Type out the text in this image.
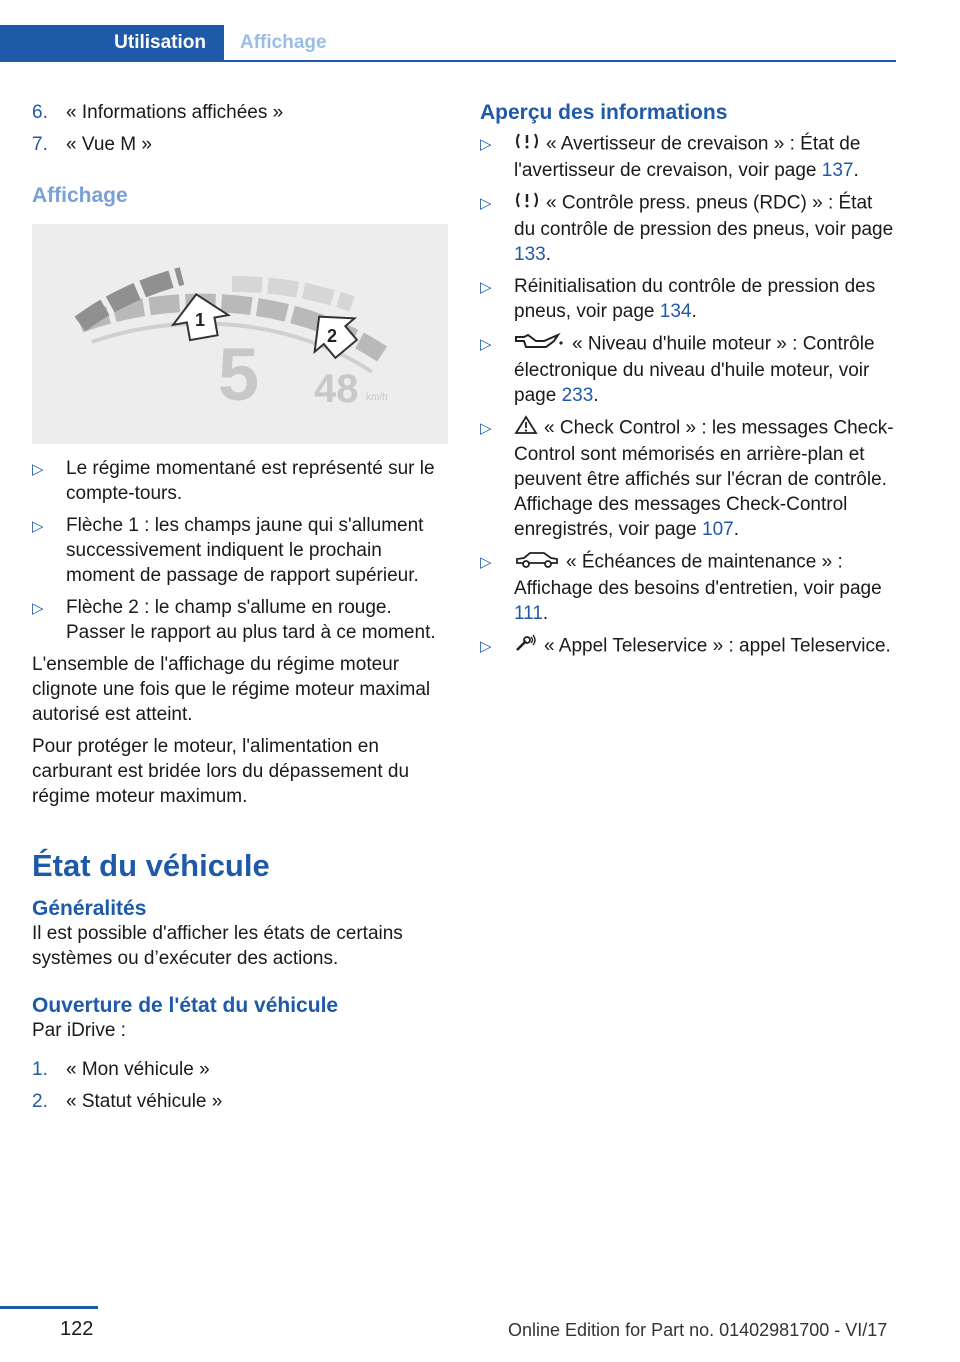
Utilisation	Affichage
6. « Informations affichées »
7. « Vue M »
Affichage
1
2
5 48 km/h
▷	Le régime momentané est représenté sur le compte-tours.
▷	Flèche 1 : les champs jaune qui s'allument successivement indiquent le prochain moment de passage de rapport supérieur.
▷	Flèche 2 : le champ s'allume en rouge. Passer le rapport au plus tard à ce moment.

L'ensemble de l'affichage du régime moteur clignote une fois que le régime moteur maximal autorisé est atteint.

Pour protéger le moteur, l'alimentation en carburant est bridée lors du dépassement du régime moteur maximum.

État du véhicule
Généralités

Il est possible d'afficher les états de certains systèmes ou d’exécuter des actions.

Ouverture de l'état du véhicule

Par iDrive :

1. « Mon véhicule »
2. « Statut véhicule »
Aperçu des informations
▷	« Avertisseur de crevaison » : État de l'avertisseur de crevaison, voir page 137.
▷	« Contrôle press. pneus (RDC) » : État du contrôle de pression des pneus, voir page 133.
▷	Réinitialisation du contrôle de pression des pneus, voir page 134.
▷	« Niveau d'huile moteur » : Contrôle électronique du niveau d'huile moteur, voir page 233.
▷	« Check Control » : les messages Check-Control sont mémorisés en arrière-plan et peuvent être affichés sur l'écran de contrôle. Affichage des messages Check-Control enregistrés, voir page 107.
▷	« Échéances de maintenance » : Affichage des besoins d'entretien, voir page 111.
▷	« Appel Teleservice » : appel Teleservice.
122	Online Edition for Part no. 01402981700 - VI/17
